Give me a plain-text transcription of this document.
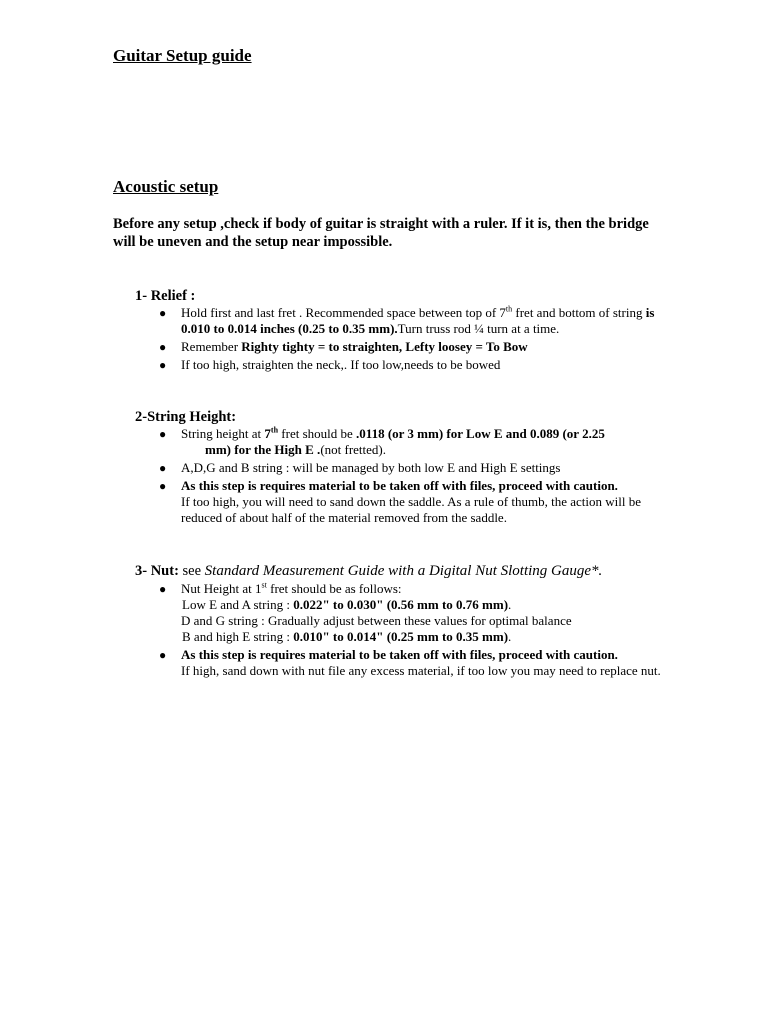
Guitar Setup guide
Acoustic setup

Before any setup ,check if body of guitar is straight with a ruler. If it is, then the bridge will be uneven and the setup near impossible.

1- Relief :
● Hold first and last fret . Recommended space between top of 7th fret and bottom of string is 0.010 to 0.014 inches (0.25 to 0.35 mm).Turn truss rod ¼ turn at a time.
● Remember Righty tighty = to straighten, Lefty loosey = To Bow
● If too high, straighten the neck,. If too low,needs to be bowed
2-String Height:
● String height at 7th fret should be .0118 (or 3 mm) for Low E and 0.089 (or 2.25
mm) for the High E .(not fretted).
● A,D,G and B string : will be managed by both low E and High E settings
● As this step is requires material to be taken off with files, proceed with caution.
If too high, you will need to sand down the saddle. As a rule of thumb, the action will be reduced of about half of the material removed from the saddle.
3- Nut: see Standard Measurement Guide with a Digital Nut Slotting Gauge*.
● Nut Height at 1st fret should be as follows:
Low E and A string : 0.022" to 0.030" (0.56 mm to 0.76 mm).
D and G string : Gradually adjust between these values for optimal balance
B and high E string : 0.010" to 0.014" (0.25 mm to 0.35 mm).
● As this step is requires material to be taken off with files, proceed with caution.
If high, sand down with nut file any excess material, if too low you may need to replace nut.
